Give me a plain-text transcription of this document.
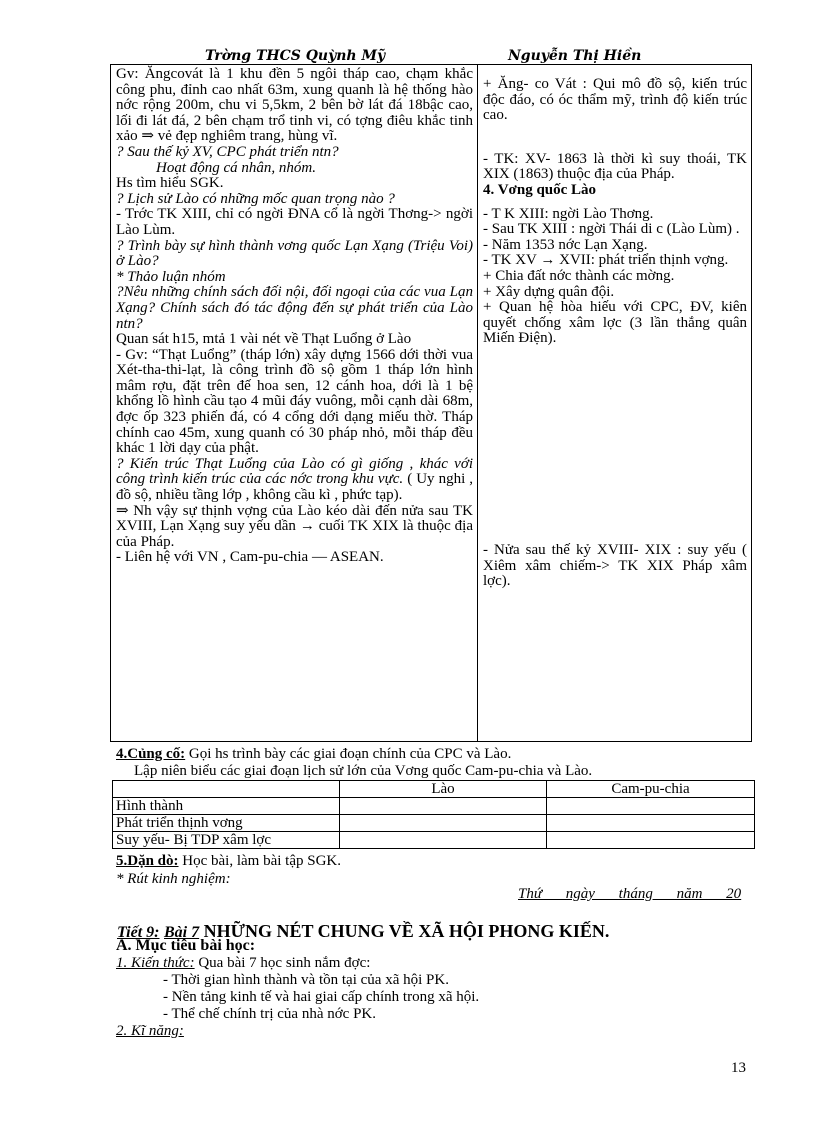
Trờng THCS Quỳnh Mỹ	Nguyễn Thị Hiền

Gv: Ăngcovát là 1 khu đền 5 ngôi tháp cao, chạm khắc công phu, đỉnh cao nhất 63m, xung quanh là hệ thống hào nớc rộng 200m, chu vi 5,5km, 2 bên bờ lát đá 18bậc cao, lối đi lát đá, 2 bên chạm trổ tinh vi, có tợng điêu khắc tinh xảo ⇒ vẻ đẹp nghiêm trang, hùng vĩ.

? Sau thế kỷ XV, CPC phát triển ntn?

Hoạt động cá nhân, nhóm.

Hs tìm hiểu SGK.

? Lịch sử Lào có những mốc quan trọng nào ?

- Trớc TK XIII, chỉ có ngời ĐNA cổ là ngời Thơng-> ngời Lào Lùm.

? Trình bày sự hình thành vơng quốc Lạn Xạng (Triệu Voi) ở Lào?

* Thảo luận nhóm

?Nêu những chính sách đối nội, đối ngoại của các vua Lạn Xạng? Chính sách đó tác động đến sự phát triển của Lào ntn?

Quan sát h15, mtả 1 vài nét về Thạt Luổng ở Lào

- Gv: “Thạt Luổng” (tháp lớn) xây dựng 1566 dới thời vua Xét-tha-thi-lạt, là công trình đồ sộ gồm 1 tháp lớn hình mâm rợu, đặt trên đế hoa sen, 12 cánh hoa, dới là 1 bệ khổng lồ hình cầu tạo 4 mũi đáy vuông, mỗi cạnh dài 68m, đợc ốp 323 phiến đá, có 4 cổng dới dạng miếu thờ. Tháp chính cao 45m, xung quanh có 30 pháp nhỏ, mỗi tháp đều khác 1 lời dạy của phật.

? Kiến trúc Thạt Luổng của Lào có gì giống , khác với công trình kiến trúc của các nớc trong khu vực. ( Uy nghi , đồ sộ, nhiều tầng lớp , không cầu kì , phức tạp).

⇒ Nh vậy sự thịnh vợng của Lào kéo dài đến nửa sau TK XVIII, Lạn Xạng suy yếu dần → cuối TK XIX là thuộc địa của Pháp.

- Liên hệ với VN , Cam-pu-chia — ASEAN.

+ Ăng- co Vát : Qui mô đồ sộ, kiến trúc độc đáo, có óc thẩm mỹ, trình độ kiến trúc cao.

- TK: XV- 1863 là thời kì suy thoái, TK XIX (1863) thuộc địa của Pháp.

4. Vơng quốc Lào

- T K XIII: ngời Lào Thơng.

- Sau TK XIII : ngời Thái di c (Lào Lùm) .

- Năm 1353 nớc Lạn Xạng.

- TK XV → XVII: phát triển thịnh vợng.

+ Chia đất nớc thành các mờng.

+ Xây dựng quân đội.

+ Quan hệ hòa hiếu với CPC, ĐV, kiên quyết chống xâm lợc (3 lần thắng quân Miến Điện).

- Nửa sau thế kỷ XVIII- XIX : suy yếu ( Xiêm xâm chiếm-> TK XIX Pháp xâm lợc).

4.Củng cố: Gọi hs trình bày các giai đoạn chính của CPC và Lào.
Lập niên biểu các giai đoạn lịch sử lớn của Vơng quốc Cam-pu-chia và Lào.
	Lào	Cam-pu-chia
Hình thành		
Phát triển thịnh vơng		
Suy yếu- Bị TDP xâm lợc		
5.Dặn dò: Học bài, làm bài tập SGK.
* Rút kinh nghiệm:
Thứ ngày tháng năm 20
Tiết 9: Bài 7 NHỮNG NÉT CHUNG VỀ XÃ HỘI PHONG KIẾN.
A. Mục tiêu bài học:
1. Kiến thức: Qua bài 7 học sinh nắm đợc:
- Thời gian hình thành và tồn tại của xã hội PK.
- Nền tảng kinh tế và hai giai cấp chính trong xã hội.
- Thể chế chính trị của nhà nớc PK.
2. Kĩ năng:
13
